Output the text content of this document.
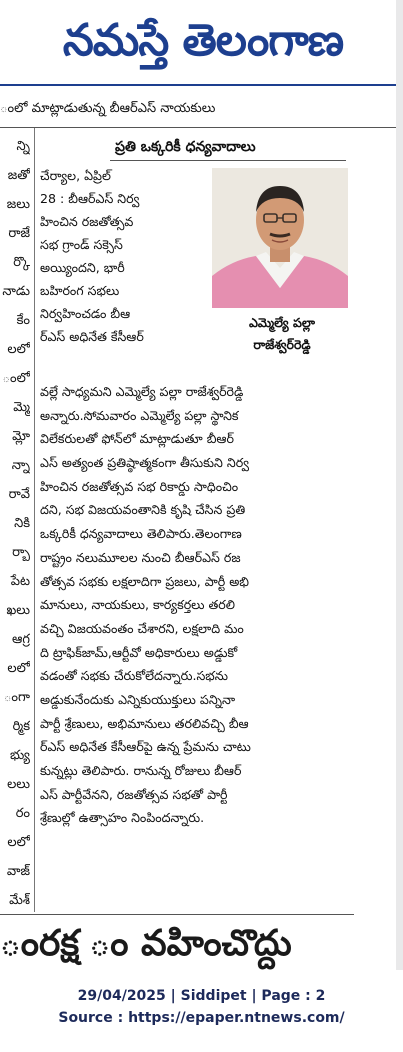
నమస్తే తెలంగాణ
ంలో మాట్లాడుతున్న బీఆర్ఎస్ నాయకులు
న్ని
జతో
జలు
రాజే
ర్కొ
నాడు
కేం
లలో
ంలో
మ్మె
మ్లో
న్నా
రావే
నికి
ర్బా
పేట
ఖలు
ఆగ్ర
లలో
ంగా
ర్మిక
భ్యు
లలు
రం
లలో
వాజ్
మేశ్
ప్రతి ఒక్కరికీ ధన్యవాదాలు
ఎమ్మెల్యే పల్లా
రాజేశ్వర్‌రెడ్డి
చేర్యాల, ఏప్రిల్
28 : బీఆర్ఎస్ నిర్వ
హించిన రజతోత్సవ
సభ గ్రాండ్ సక్సెస్
అయ్యిందని, భారీ
బహిరంగ సభలు
నిర్వహించడం బీఆ
ర్ఎస్ అధినేత కేసీఆర్
వల్లే సాధ్యమని ఎమ్మెల్యే పల్లా రాజేశ్వర్‌రెడ్డి
అన్నారు.సోమవారం ఎమ్మెల్యే పల్లా స్థానిక
విలేకరులతో ఫోన్‌లో మాట్లాడుతూ బీఆర్
ఎస్ అత్యంత ప్రతిష్ఠాత్మకంగా తీసుకుని నిర్వ
హించిన రజతోత్సవ సభ రికార్డు సాధించిం
దని, సభ విజయవంతానికి కృషి చేసిన ప్రతి
ఒక్కరికీ ధన్యవాదాలు తెలిపారు.తెలంగాణ
రాష్ట్రం నలుమూలల నుంచి బీఆర్ఎస్ రజ
తోత్సవ సభకు లక్షలాదిగా ప్రజలు, పార్టీ అభి
మానులు, నాయకులు, కార్యకర్తలు తరలి
వచ్చి విజయవంతం చేశారని, లక్షలాది మం
ది ట్రాఫిక్‌జామ్,ఆర్టీవో అధికారులు అడ్డుకో
వడంతో సభకు చేరుకోలేదన్నారు.సభను
అడ్డుకునేందుకు ఎన్నికుయుక్తులు పన్నినా
పార్టీ శ్రేణులు, అభిమానులు తరలివచ్చి బీఆ
ర్ఎస్ అధినేత కేసీఆర్‌పై ఉన్న ప్రేమను చాటు
కున్నట్లు తెలిపారు. రానున్న రోజులు బీఆర్
ఎస్ పార్టీవేనని, రజతోత్సవ సభతో పార్టీ
శ్రేణుల్లో ఉత్సాహం నింపిందన్నారు.
ంరక్ష ం వహించొద్దు
29/04/2025 | Siddipet | Page : 2
Source : https://epaper.ntnews.com/
